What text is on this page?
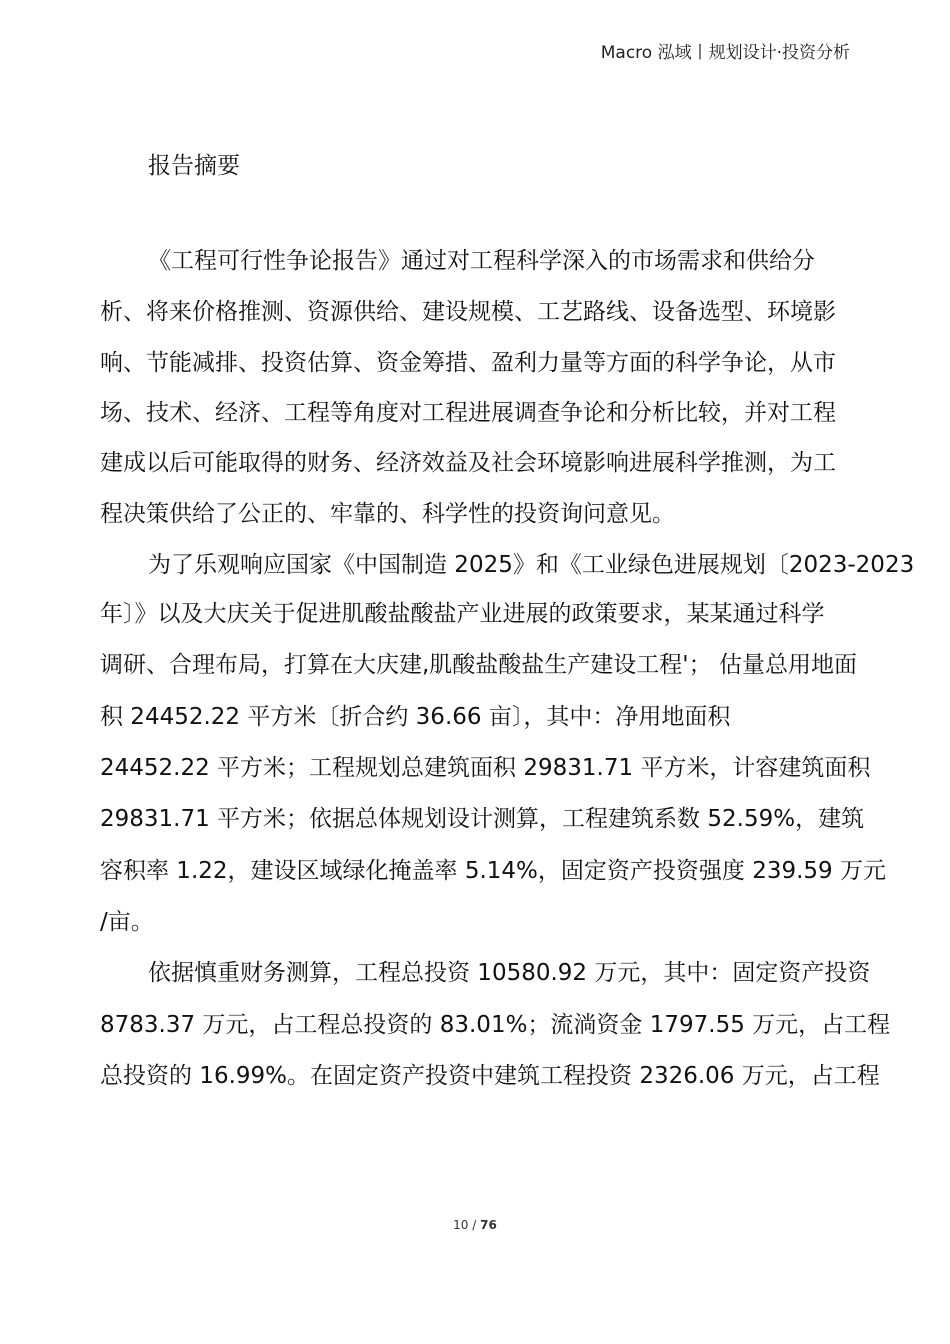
Macro 泓域丨规划设计·投资分析
报告摘要
《工程可行性争论报告》通过对工程科学深入的市场需求和供给分
析、将来价格推测、资源供给、建设规模、工艺路线、设备选型、环境影
响、节能减排、投资估算、资金筹措、盈利力量等方面的科学争论，从市
场、技术、经济、工程等角度对工程进展调查争论和分析比较，并对工程
建成以后可能取得的财务、经济效益及社会环境影响进展科学推测，为工
程决策供给了公正的、牢靠的、科学性的投资询问意见。
为了乐观响应国家《中国制造 2025》和《工业绿色进展规划〔2023-2023
年〕》以及大庆关于促进肌酸盐酸盐产业进展的政策要求，某某通过科学
调研、合理布局，打算在大庆建,肌酸盐酸盐生产建设工程'； 估量总用地面
积 24452.22 平方米〔折合约 36.66 亩〕，其中：净用地面积
24452.22 平方米；工程规划总建筑面积 29831.71 平方米，计容建筑面积
29831.71 平方米；依据总体规划设计测算，工程建筑系数 52.59%，建筑
容积率 1.22，建设区域绿化掩盖率 5.14%，固定资产投资强度 239.59 万元
/亩。
依据慎重财务测算，工程总投资 10580.92 万元，其中：固定资产投资
8783.37 万元，占工程总投资的 83.01%；流淌资金 1797.55 万元，占工程
总投资的 16.99%。在固定资产投资中建筑工程投资 2326.06 万元，占工程
10 / 76
